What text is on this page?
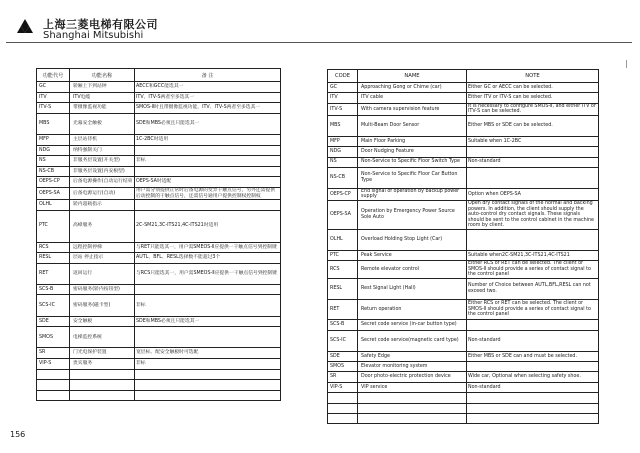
上海三菱电梯有限公司
Shanghai Mitsubishi
功能代号	功能名称	备 注
GC	轿厢上下到站钟	AECC和GCC能选其一
ITV	ITV电缆	ITV、ITV-S两者至多选其一
ITV-S	带摄像监视功能	SMOS-Ⅱ时且带摄像监视功能，ITV、ITV-S两者至多选其一
MBS	光幕安全触板	SDE和MBS必须且只能选其一
MFP	主层站待机	1C-2BC时适用
NDG	纳特强制关门	
NS	非服务层设置(开关型)	非标
NS-CB	非服务层设置(内安根型)	
OEPS-CP	后备电源操作(自动运行结束	OEPS-SA时适配
OEPS-SA	后备电源运行(自动)	用户需分别提供正常时后备电源的变异干触点信号，另外还需提供后动控制的干触点信号，还需信号通用户提供控制权控制权
OLHL	轿内超载指示	
PTC	高峰服务	2C-SM21,3C-ITS21,4C-ITS21时适用
RCS	远程控制停梯	与RET只能选其一，用户需SMEOS-Ⅱ应提供一干触点信号到控制键
RESL	层站 停止指示	AUTL、BFL、RESL选择数不能超过3个
RET	返回运行	与RCS只能选其一，用户需SMEOS-Ⅱ应提供一干触点信号到控制键
SCS-B	密码服务(轿内按钮型)	
SCS-IC	密码服务(磁卡型)	非标
SDE	安全触板	SDE和MBS必须且只能选其一
SMOS	电梯监控系统	
SR	门光电保护装置	宽层标、配安全触板时可选配
VIP-S	贵宾服务	非标

CODE	NAME	NOTE
GC	Approaching Gong or Chime (car)	Either GC or AECC can be selected.
ITV	ITV cable	Either ITV or ITV-S can be selected.
ITV-S	With camera supervision feature	It is necessary to configure SMOS-Ⅱ, and either ITV or ITV-S can be selected.
MBS	Multi-Beam Door Sensor	Either MBS or SDE can be selected.
MFP	Main Floor Parking	Suitable when 1C-2BC
NDG	Door Nudging Feature	
NS	Non-Service to Specific Floor Switch Type	Non-standard
NS-CB	Non-Service to Specific Floor Car Button Type	
OEPS-CP	End signal of operation by backup power supply	Option when OEPS-SA
OEPS-SA	Operation by Emergency Power Source Sole Auto	Open dry contact signals of the normal and backing powers. In addition, the client should supply the auto-control dry contact signals. These signals should be sent to the control cabinet in the machine room by client.
OLHL	Overload Holding Stop Light (Car)	
PTC	Peak Service	Suitable when2C-SM21,3C-ITS21,4C-ITS21
RCS	Remote elevator control	Either RCS or RET can be selected. The client or SMOS-Ⅱ should provide a series of contact signal to the control panel
RESL	Rest Signal Light (Hall)	Number of Choice between AUTL,BFL,RESL can not exceed two.
RET	Return operation	Either RCS or RET can be selected. The client or SMOS-Ⅱ should provide a series of contact signal to the control panel
SCS-B	Secret code service (in-car button type)	
SCS-IC	Secret code service(magnetic card type)	Non-standard
SDE	Safety Edge	Either MBS or SDE can and must be selected.
SMOS	Elevator monitoring system	
SR	Door photo-electric protection device	Wide car, Optional when selecting safety shoe.
VIP-S	VIP service	Non-standard

156
